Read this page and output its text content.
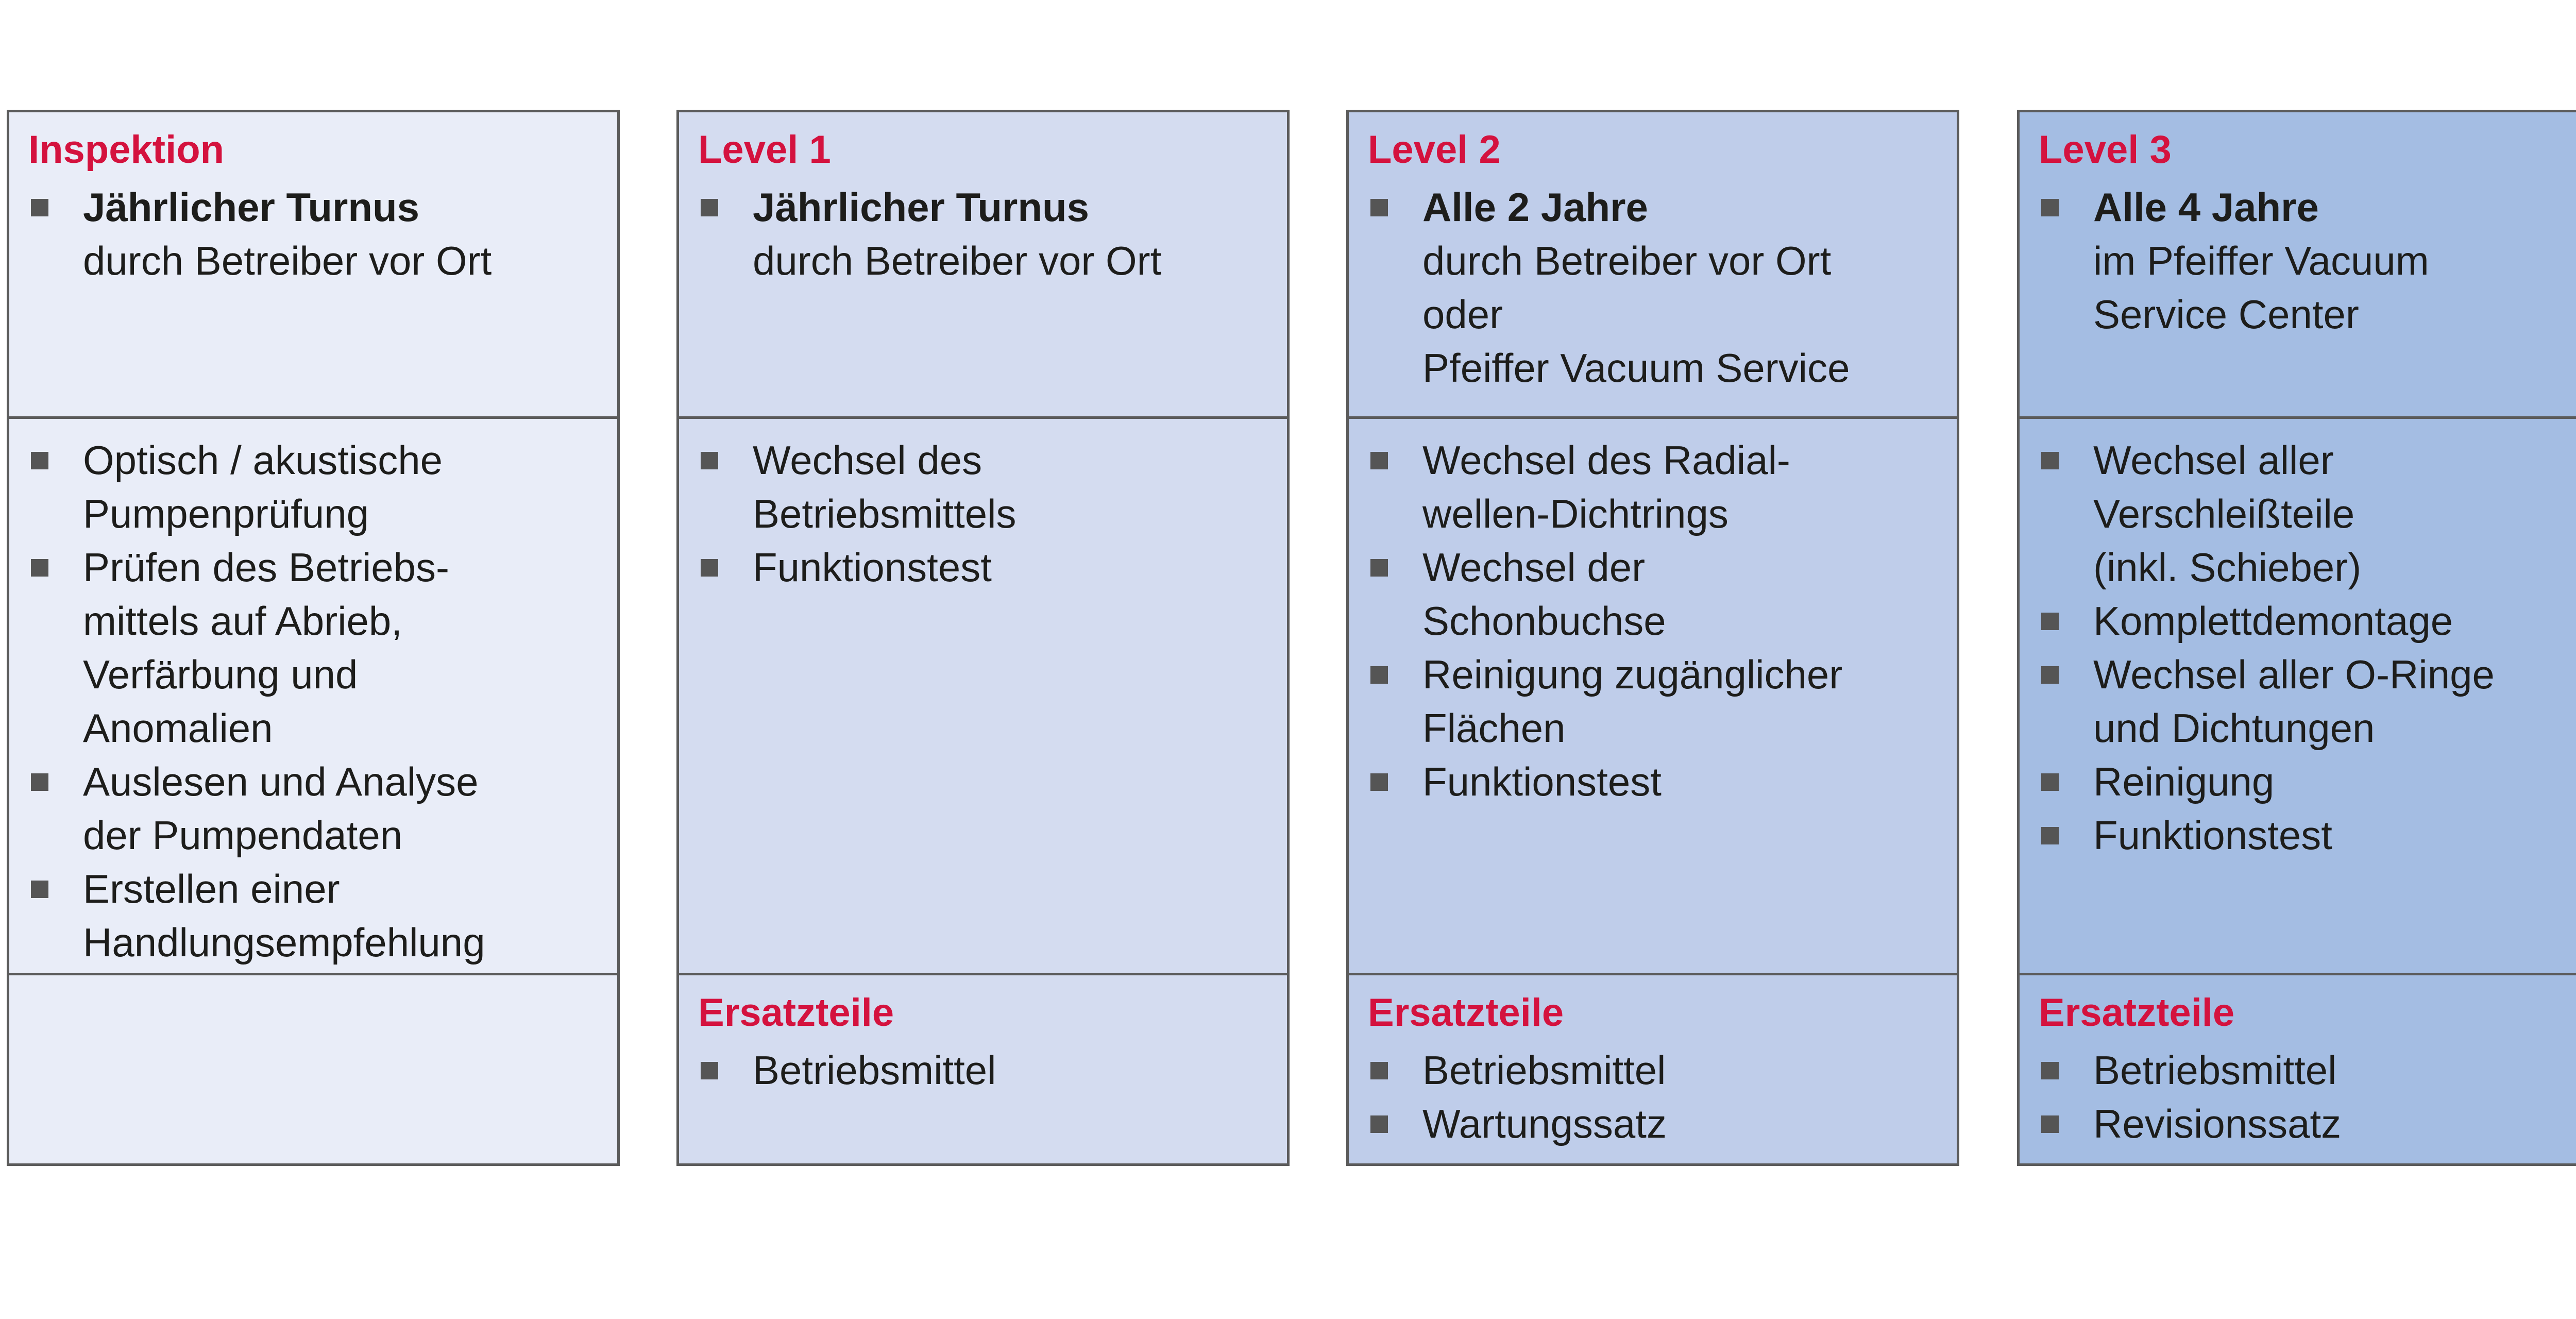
Inspektion
Jährlicher Turnus
durch Betreiber vor Ort
Optisch / akustische
Pumpenprüfung
Prüfen des Betriebs-
mittels auf Abrieb,
Verfärbung und
Anomalien
Auslesen und Analyse
der Pumpendaten
Erstellen einer
Handlungsempfehlung
Level 1
Jährlicher Turnus
durch Betreiber vor Ort
Wechsel des
Betriebsmittels
Funktionstest
Ersatzteile
Betriebsmittel
Level 2
Alle 2 Jahre
durch Betreiber vor Ort
oder
Pfeiffer Vacuum Service
Wechsel des Radial-
wellen-Dichtrings
Wechsel der
Schonbuchse
Reinigung zugänglicher
Flächen
Funktionstest
Ersatzteile
Betriebsmittel
Wartungssatz
Level 3
Alle 4 Jahre
im Pfeiffer Vacuum
Service Center
Wechsel aller
Verschleißteile
(inkl. Schieber)
Komplettdemontage
Wechsel aller O-Ringe
und Dichtungen
Reinigung
Funktionstest
Ersatzteile
Betriebsmittel
Revisionssatz
